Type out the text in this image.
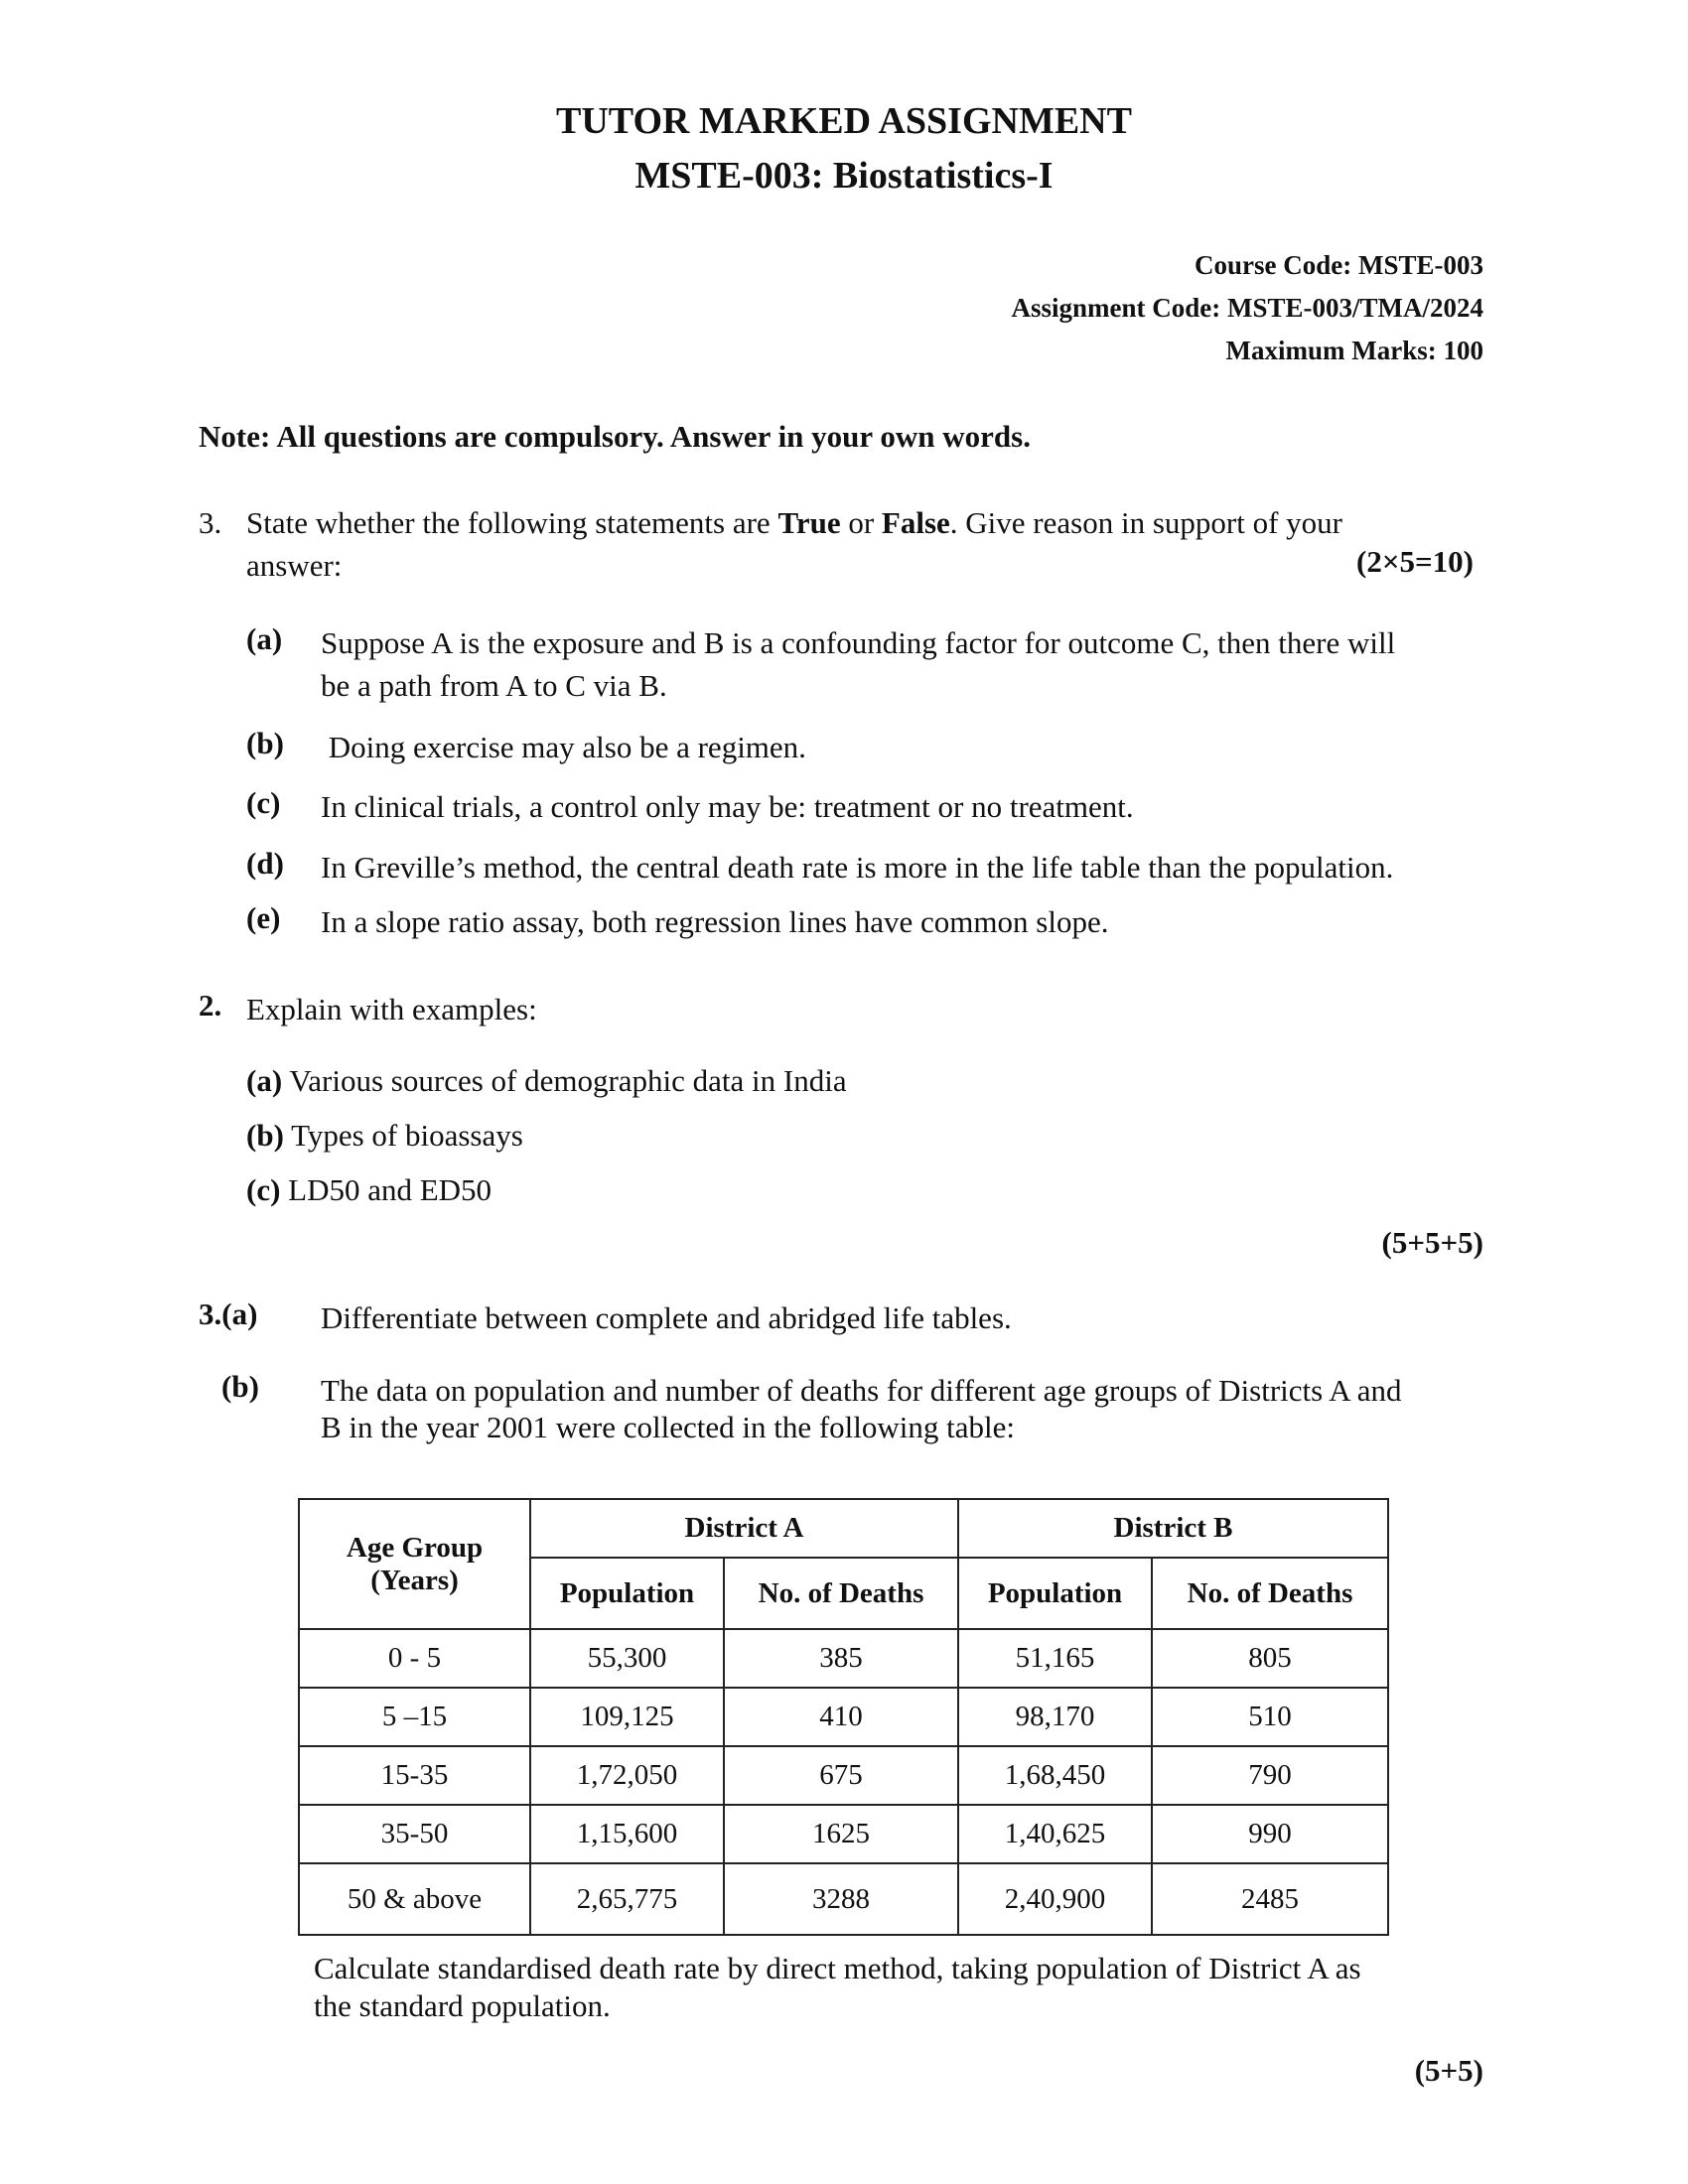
TUTOR MARKED ASSIGNMENT
MSTE-003: Biostatistics-I
Course Code: MSTE-003
Assignment Code: MSTE-003/TMA/2024
Maximum Marks: 100
Note: All questions are compulsory. Answer in your own words.
3. State whether the following statements are True or False. Give reason in support of your
answer:	(2×5=10)
(a) Suppose A is the exposure and B is a confounding factor for outcome C, then there will
be a path from A to C via B.
(b) Doing exercise may also be a regimen.
(c) In clinical trials, a control only may be: treatment or no treatment.
(d) In Greville’s method, the central death rate is more in the life table than the population.
(e) In a slope ratio assay, both regression lines have common slope.
2. Explain with examples:
(a) Various sources of demographic data in India
(b) Types of bioassays
(c) LD50 and ED50
(5+5+5)
3.(a) Differentiate between complete and abridged life tables.
(b) The data on population and number of deaths for different age groups of Districts A and
B in the year 2001 were collected in the following table:
Age Group
(Years)	District A		District B	
	Population	No. of Deaths	Population	No. of Deaths
0 - 5	55,300	385	51,165	805
5 –15	109,125	410	98,170	510
15-35	1,72,050	675	1,68,450	790
35-50	1,15,600	1625	1,40,625	990
50 & above	2,65,775	3288	2,40,900	2485
Calculate standardised death rate by direct method, taking population of District A as
the standard population.
(5+5)
